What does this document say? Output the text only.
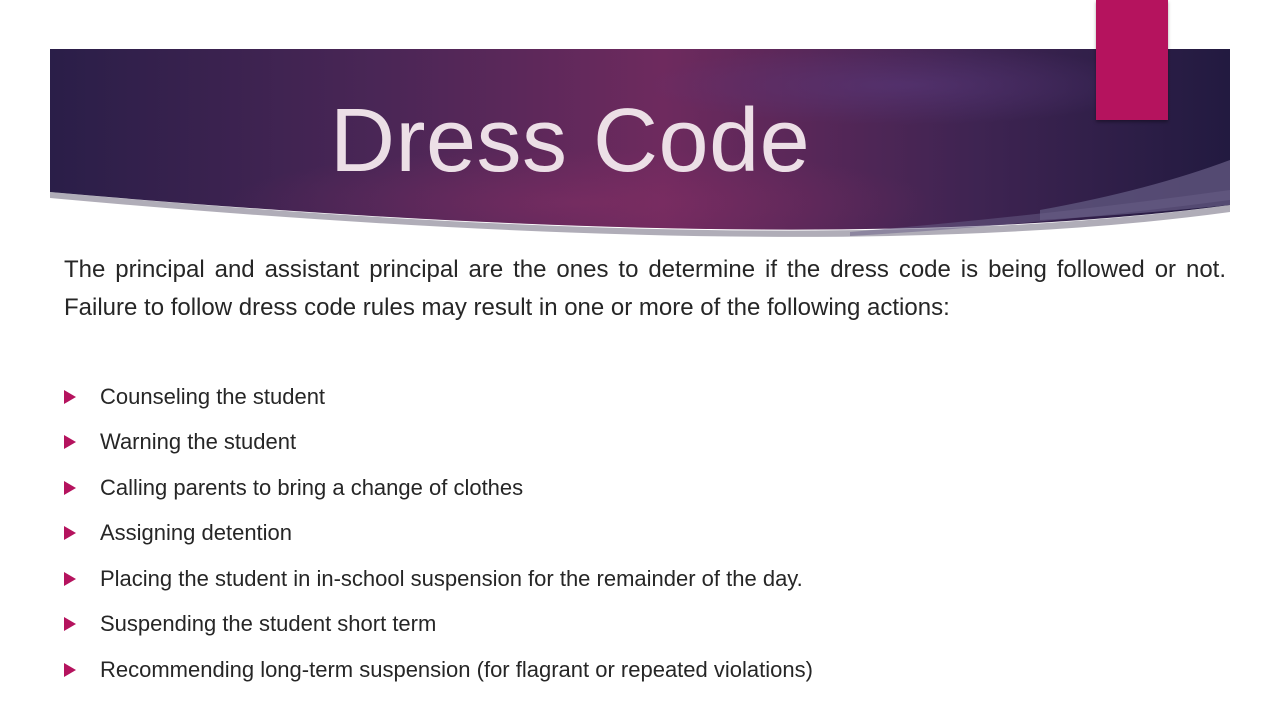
Dress Code

The principal and assistant principal are the ones to determine if the dress code is being followed or not. Failure to follow dress code rules may result in one or more of the following actions:

Counseling the student
Warning the student
Calling parents to bring a change of clothes
Assigning detention
Placing the student in in-school suspension for the remainder of the day.
Suspending the student short term
Recommending long-term suspension (for flagrant or repeated violations)
